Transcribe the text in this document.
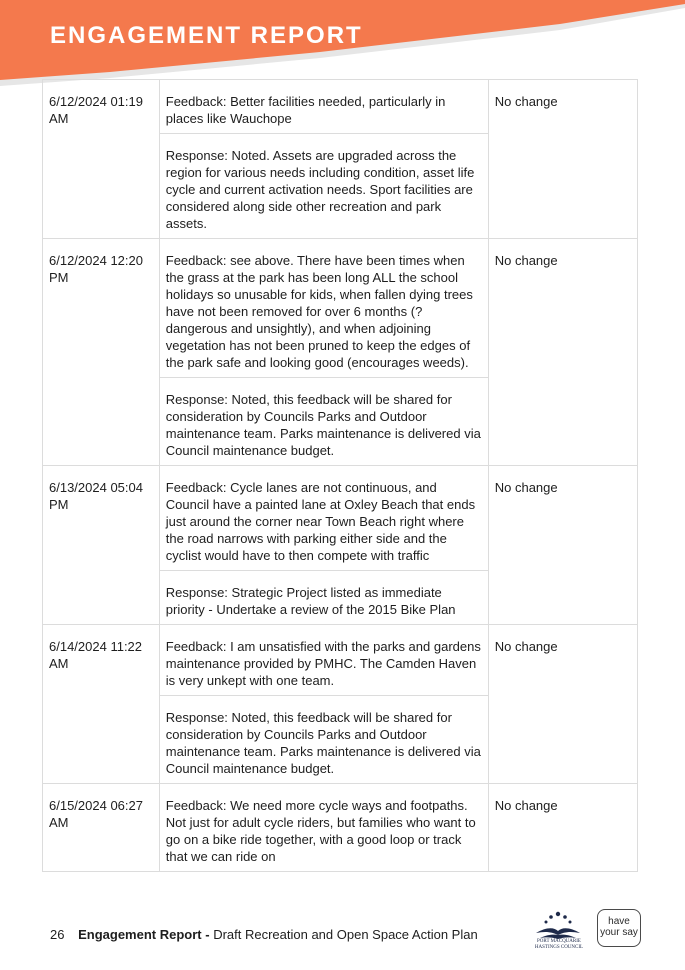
ENGAGEMENT REPORT
6/12/2024 01:19 AM	Feedback: Better facilities needed, particularly in places like Wauchope
Response: Noted. Assets are upgraded across the region for various needs including condition, asset life cycle and current activation needs. Sport facilities are considered along side other recreation and park assets.	No change
6/12/2024 12:20 PM	Feedback: see above. There have been times when the grass at the park has been long ALL the school holidays so unusable for kids, when fallen dying trees have not been removed for over 6 months (? dangerous and unsightly), and when adjoining vegetation has not been pruned to keep the edges of the park safe and looking good (encourages weeds).
Response: Noted, this feedback will be shared for consideration by Councils Parks and Outdoor maintenance team. Parks maintenance is delivered via Council maintenance budget.	No change
6/13/2024 05:04 PM	Feedback: Cycle lanes are not continuous, and Council have a painted lane at Oxley Beach that ends just around the corner near Town Beach right where the road narrows with parking either side and the cyclist would have to then compete with traffic
Response: Strategic Project listed as immediate priority - Undertake a review of the 2015 Bike Plan	No change
6/14/2024 11:22 AM	Feedback: I am unsatisfied with the parks and gardens maintenance provided by PMHC. The Camden Haven is very unkept with one team.
Response: Noted, this feedback will be shared for consideration by Councils Parks and Outdoor maintenance team. Parks maintenance is delivered via Council maintenance budget.	No change
6/15/2024 06:27 AM	Feedback: We need more cycle ways and footpaths. Not just for adult cycle riders, but families who want to go on a bike ride together, with a good loop or track that we can ride on	No change
26 Engagement Report - Draft Recreation and Open Space Action Plan	PORT MACQUARIE
HASTINGS COUNCIL
have
your say
